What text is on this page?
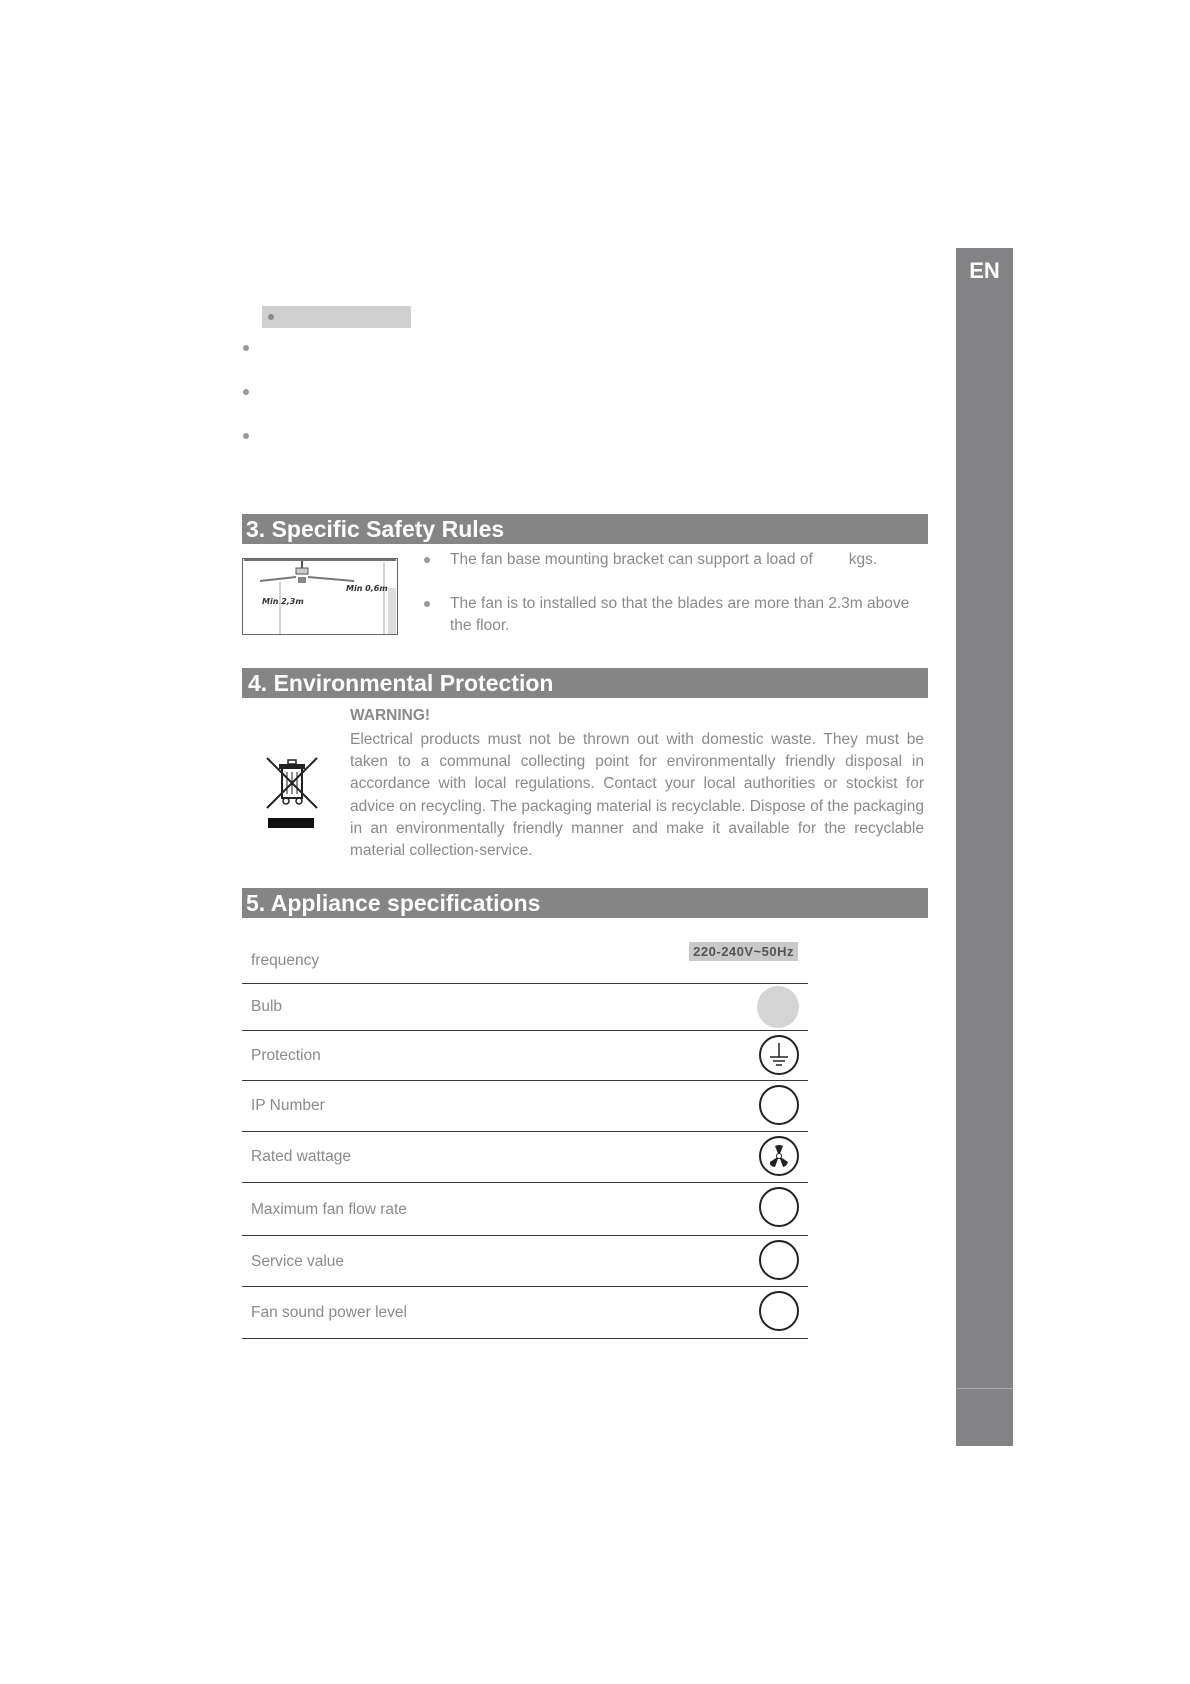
EN
3. Specific Safety Rules
Min 0,6m
Min 2,3m
The fan base mounting bracket can support a load of kgs.
The fan is to installed so that the blades are more than 2.3m above the floor.
4. Environmental Protection
WARNING!
Electrical products must not be thrown out with domestic waste. They must be taken to a communal collecting point for environmentally friendly disposal in accordance with local regulations. Contact your local authorities or stockist for advice on recycling. The packaging material is recyclable. Dispose of the packaging in an environmentally friendly manner and make it available for the recyclable material collection-service.
5. Appliance specifications
frequency
220-240V~50Hz
Bulb
Protection
IP Number
Rated wattage
Maximum fan flow rate
Service value
Fan sound power level
